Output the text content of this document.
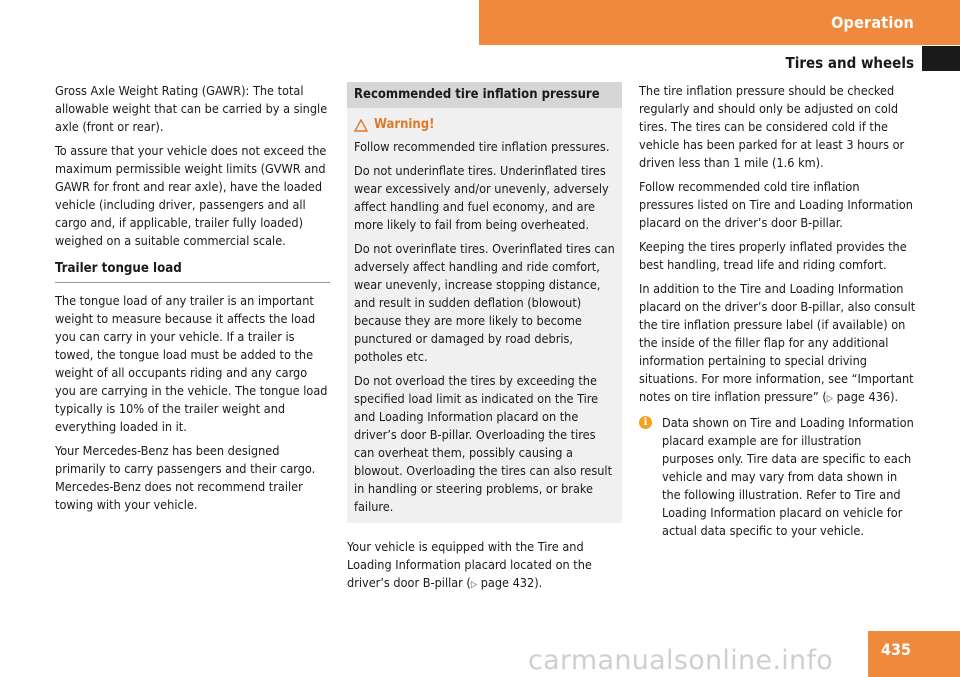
Operation
Tires and wheels

Gross Axle Weight Rating (GAWR): The total allowable weight that can be carried by a single axle (front or rear).

To assure that your vehicle does not exceed the maximum permissible weight limits (GVWR and GAWR for front and rear axle), have the loaded vehicle (including driver, passengers and all cargo and, if applicable, trailer fully loaded) weighed on a suitable commercial scale.

Trailer tongue load

The tongue load of any trailer is an important weight to measure because it affects the load you can carry in your vehicle. If a trailer is towed, the tongue load must be added to the weight of all occupants riding and any cargo you are carrying in the vehicle. The tongue load typically is 10% of the trailer weight and everything loaded in it.

Your Mercedes-Benz has been designed primarily to carry passengers and their cargo. Mercedes-Benz does not recommend trailer towing with your vehicle.

Recommended tire inflation pressure
Warning!

Follow recommended tire inflation pressures.

Do not underinflate tires. Underinflated tires wear excessively and/or unevenly, adversely affect handling and fuel economy, and are more likely to fail from being overheated.

Do not overinflate tires. Overinflated tires can adversely affect handling and ride comfort, wear unevenly, increase stopping distance, and result in sudden deflation (blowout) because they are more likely to become punctured or damaged by road debris, potholes etc.

Do not overload the tires by exceeding the specified load limit as indicated on the Tire and Loading Information placard on the driver’s door B-pillar. Overloading the tires can overheat them, possibly causing a blowout. Overloading the tires can also result in handling or steering problems, or brake failure.

Your vehicle is equipped with the Tire and Loading Information placard located on the driver’s door B-pillar (▷ page 432).

The tire inflation pressure should be checked regularly and should only be adjusted on cold tires. The tires can be considered cold if the vehicle has been parked for at least 3 hours or driven less than 1 mile (1.6 km).

Follow recommended cold tire inflation pressures listed on Tire and Loading Information placard on the driver’s door B-pillar.

Keeping the tires properly inflated provides the best handling, tread life and riding comfort.

In addition to the Tire and Loading Information placard on the driver’s door B-pillar, also consult the tire inflation pressure label (if available) on the inside of the filler flap for any additional information pertaining to special driving situations. For more information, see “Important notes on tire inflation pressure” (▷ page 436).

i	Data shown on Tire and Loading Information placard example are for illustration purposes only. Tire data are specific to each vehicle and may vary from data shown in the following illustration. Refer to Tire and Loading Information placard on vehicle for actual data specific to your vehicle.
435
carmanualsonline.info
